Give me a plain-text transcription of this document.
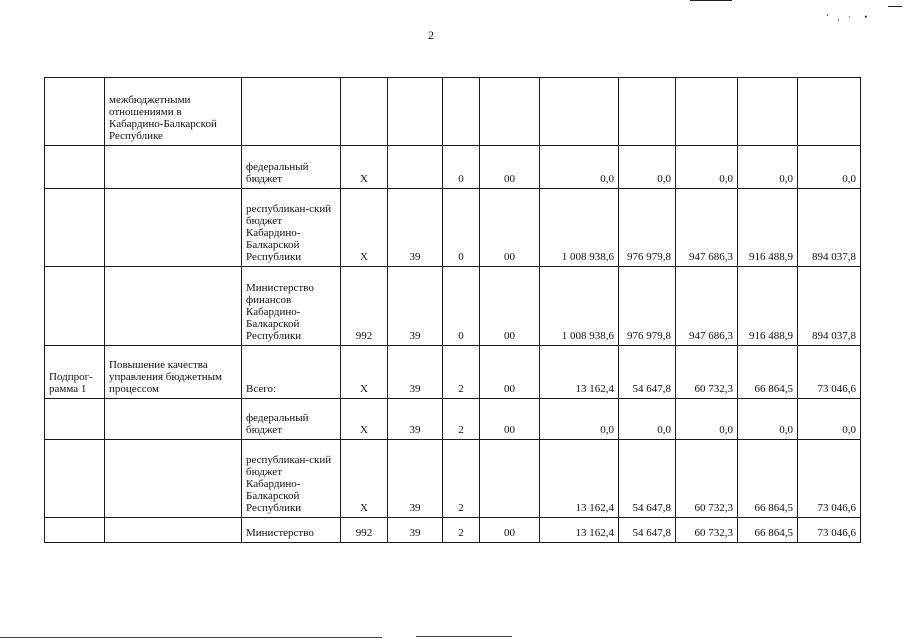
2
‘ , ·  •
	межбюджетными отношениями в Кабардино-Балкарской Республике										
		федеральный бюджет	X		0	00	0,0	0,0	0,0	0,0	0,0
		республикан-ский бюджет Кабардино-Балкарской Республики	X	39	0	00	1 008 938,6	976 979,8	947 686,3	916 488,9	894 037,8
		Министерство финансов Кабардино-Балкарской Республики	992	39	0	00	1 008 938,6	976 979,8	947 686,3	916 488,9	894 037,8
Подпрог-рамма 1	Повышение качества управления бюджетным процессом	Всего:	X	39	2	00	13 162,4	54 647,8	60 732,3	66 864,5	73 046,6
		федеральный бюджет	X	39	2	00	0,0	0,0	0,0	0,0	0,0
		республикан-ский бюджет Кабардино-Балкарской Республики	X	39	2		13 162,4	54 647,8	60 732,3	66 864,5	73 046,6
		Министерство	992	39	2	00	13 162,4	54 647,8	60 732,3	66 864,5	73 046,6
